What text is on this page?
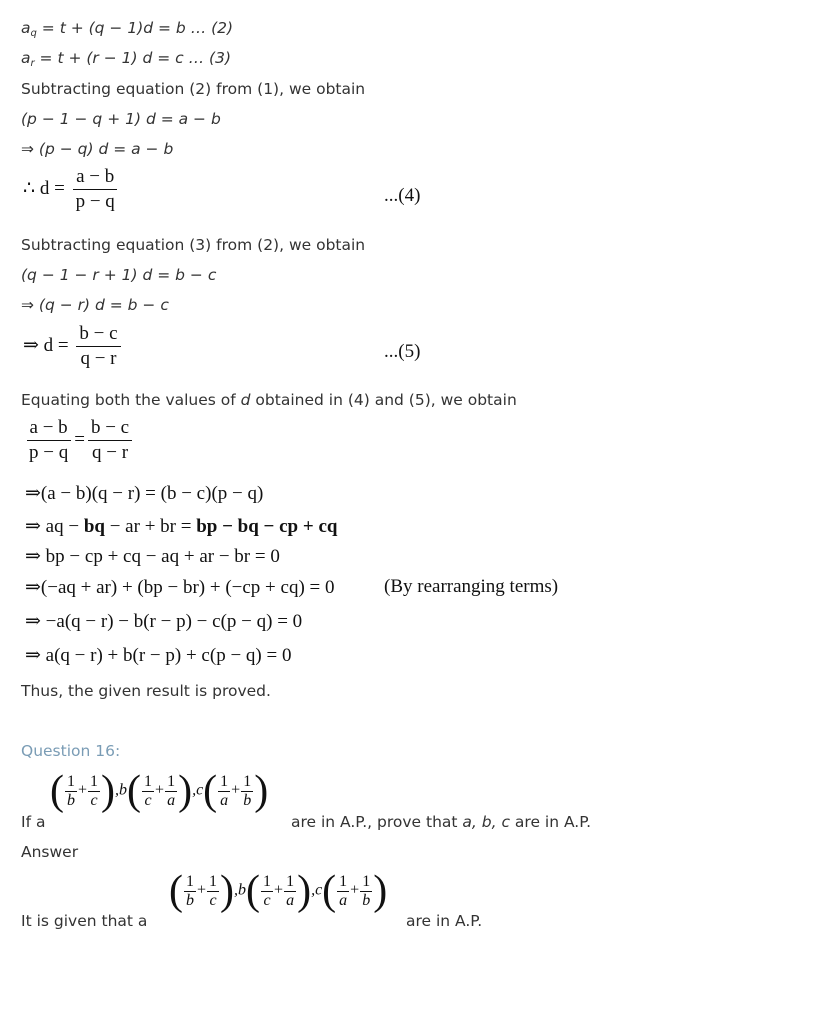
$a_q = t + (q - 1)d = b$ … (2)
$a_r = t + (r - 1) d = c$ … (3)
Subtracting equation (2) from (1), we obtain
(p − 1 − q + 1) d = a − b
⇒ (p − q) d = a − b
∴ $d = \frac{a - b}{p - q}$	...(4)
Subtracting equation (3) from (2), we obtain
(q − 1 − r + 1) d = b − c
⇒ (q − r) d = b − c
⇒ $d = \frac{b - c}{q - r}$	...(5)
Equating both the values of d obtained in (4) and (5), we obtain
$\frac{a - b}{p - q} = \frac{b - c}{q - r}$
⇒(a − b)(q − r) = (b − c)(p − q)
⇒ aq − bq − ar + br = bp − bq − cp + cq
⇒ bp − cp + cq − aq + ar − br = 0
⇒(−aq + ar) + (bp − br) + (−cp + cq) = 0	(By rearranging terms)
⇒ −a(q − r) − b(r − p) − c(p − q) = 0
⇒ a(q − r) + b(r − p) + c(p − q) = 0
Thus, the given result is proved.
Question 16:
If a
( $\frac{1}{b} + \frac{1}{c} ),b( \frac{1}{c} + \frac{1}{a} ),c( \frac{1}{a} + \frac{1}{b}$ )
are in A.P., prove that a, b, c are in A.P.
Answer
It is given that a
( $\frac{1}{b} + \frac{1}{c} ),b( \frac{1}{c} + \frac{1}{a} ),c( \frac{1}{a} + \frac{1}{b}$ )
are in A.P.
